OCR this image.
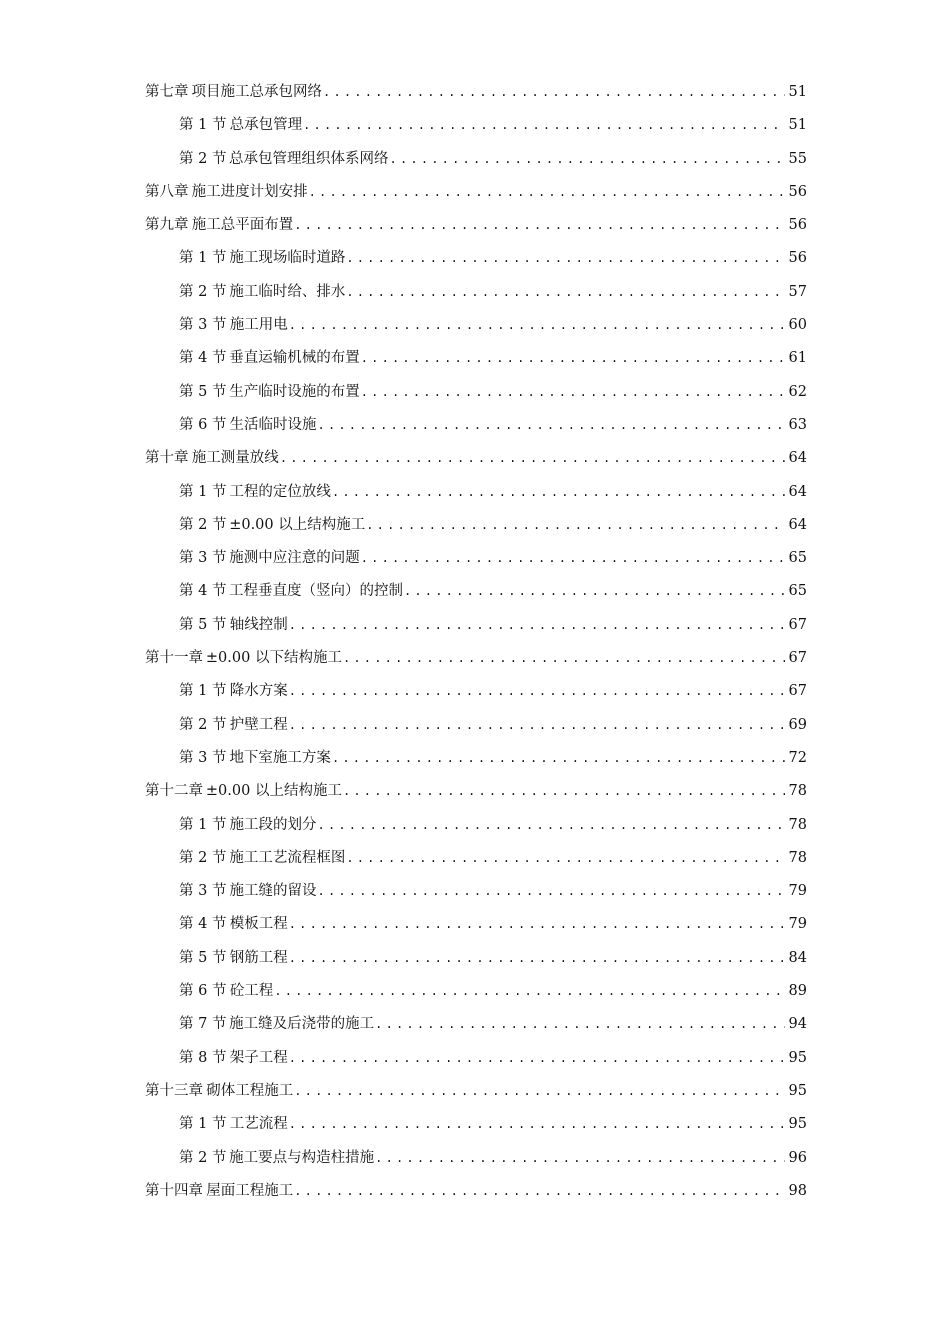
第七章 项目施工总承包网络 .....	51
第 1 节 总承包管理 .....	51
第 2 节 总承包管理组织体系网络 .....	55
第八章 施工进度计划安排 .....	56
第九章 施工总平面布置 .....	56
第 1 节 施工现场临时道路 .....	56
第 2 节 施工临时给、排水 .....	57
第 3 节 施工用电 .....	60
第 4 节 垂直运输机械的布置 .....	61
第 5 节 生产临时设施的布置 .....	62
第 6 节 生活临时设施 .....	63
第十章 施工测量放线 .....	64
第 1 节 工程的定位放线 .....	64
第 2 节 ±0.00 以上结构施工 .....	64
第 3 节 施测中应注意的问题 .....	65
第 4 节 工程垂直度（竖向）的控制 .....	65
第 5 节 轴线控制 .....	67
第十一章 ±0.00 以下结构施工 .....	67
第 1 节 降水方案 .....	67
第 2 节 护壁工程 .....	69
第 3 节 地下室施工方案 .....	72
第十二章 ±0.00 以上结构施工 .....	78
第 1 节 施工段的划分 .....	78
第 2 节 施工工艺流程框图 .....	78
第 3 节 施工缝的留设 .....	79
第 4 节 模板工程 .....	79
第 5 节 钢筋工程 .....	84
第 6 节 砼工程 .....	89
第 7 节 施工缝及后浇带的施工 .....	94
第 8 节 架子工程 .....	95
第十三章 砌体工程施工 .....	95
第 1 节 工艺流程 .....	95
第 2 节 施工要点与构造柱措施 .....	96
第十四章 屋面工程施工 .....	98
